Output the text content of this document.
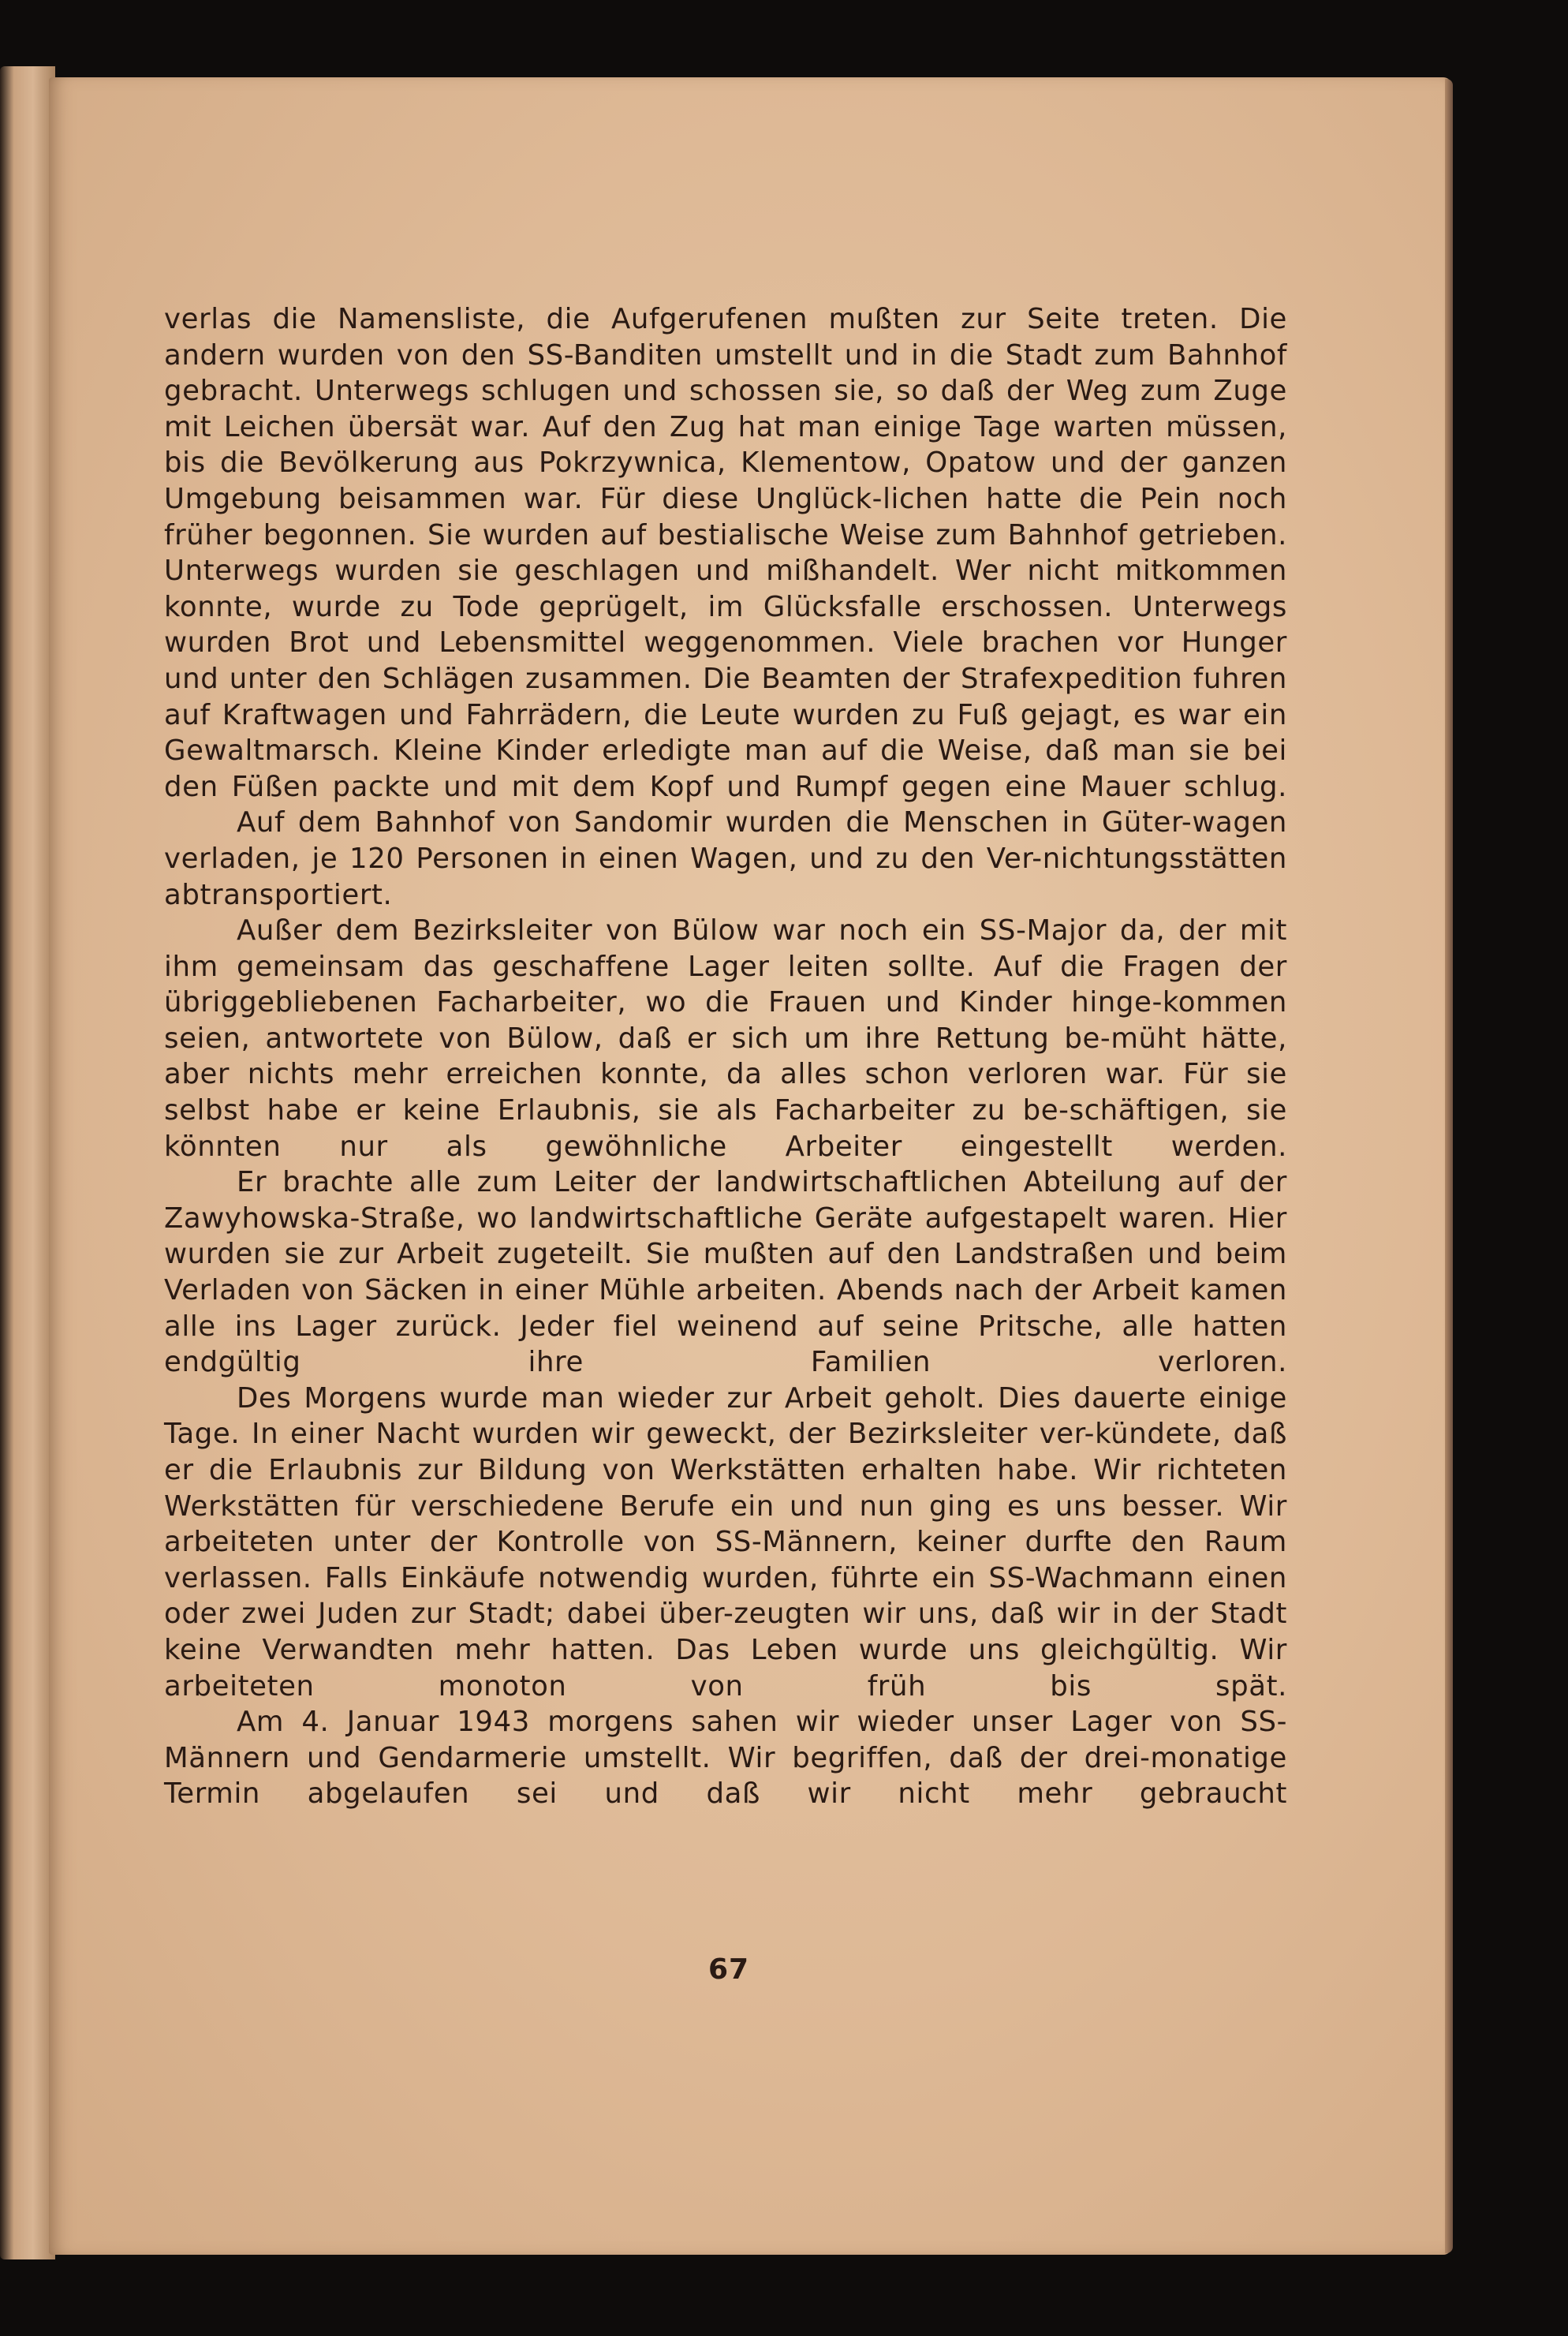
verlas die Namensliste, die Aufgerufenen mußten zur Seite treten. Die andern wurden von den SS-Banditen umstellt und in die Stadt zum Bahnhof gebracht. Unterwegs schlugen und schossen sie, so daß der Weg zum Zuge mit Leichen übersät war. Auf den Zug hat man einige Tage warten müssen, bis die Bevölkerung aus Pokrzywnica, Klementow, Opatow und der ganzen Umgebung beisammen war. Für diese Unglück-lichen hatte die Pein noch früher begonnen. Sie wurden auf bestialische Weise zum Bahnhof getrieben. Unterwegs wurden sie geschlagen und mißhandelt. Wer nicht mitkommen konnte, wurde zu Tode geprügelt, im Glücksfalle erschossen. Unterwegs wurden Brot und Lebensmittel weggenommen. Viele brachen vor Hunger und unter den Schlägen zusammen. Die Beamten der Strafexpedition fuhren auf Kraftwagen und Fahrrädern, die Leute wurden zu Fuß gejagt, es war ein Gewaltmarsch. Kleine Kinder erledigte man auf die Weise, daß man sie bei den Füßen packte und mit dem Kopf und Rumpf gegen eine Mauer schlug.

Auf dem Bahnhof von Sandomir wurden die Menschen in Güter-wagen verladen, je 120 Personen in einen Wagen, und zu den Ver-nichtungsstätten abtransportiert.

Außer dem Bezirksleiter von Bülow war noch ein SS-Major da, der mit ihm gemeinsam das geschaffene Lager leiten sollte. Auf die Fragen der übriggebliebenen Facharbeiter, wo die Frauen und Kinder hinge-kommen seien, antwortete von Bülow, daß er sich um ihre Rettung be-müht hätte, aber nichts mehr erreichen konnte, da alles schon verloren war. Für sie selbst habe er keine Erlaubnis, sie als Facharbeiter zu be-schäftigen, sie könnten nur als gewöhnliche Arbeiter eingestellt werden.

Er brachte alle zum Leiter der landwirtschaftlichen Abteilung auf der Zawyhowska-Straße, wo landwirtschaftliche Geräte aufgestapelt waren. Hier wurden sie zur Arbeit zugeteilt. Sie mußten auf den Landstraßen und beim Verladen von Säcken in einer Mühle arbeiten. Abends nach der Arbeit kamen alle ins Lager zurück. Jeder fiel weinend auf seine Pritsche, alle hatten endgültig ihre Familien verloren.

Des Morgens wurde man wieder zur Arbeit geholt. Dies dauerte einige Tage. In einer Nacht wurden wir geweckt, der Bezirksleiter ver-kündete, daß er die Erlaubnis zur Bildung von Werkstätten erhalten habe. Wir richteten Werkstätten für verschiedene Berufe ein und nun ging es uns besser. Wir arbeiteten unter der Kontrolle von SS-Männern, keiner durfte den Raum verlassen. Falls Einkäufe notwendig wurden, führte ein SS-Wachmann einen oder zwei Juden zur Stadt; dabei über-zeugten wir uns, daß wir in der Stadt keine Verwandten mehr hatten. Das Leben wurde uns gleichgültig. Wir arbeiteten monoton von früh bis spät.

Am 4. Januar 1943 morgens sahen wir wieder unser Lager von SS-Männern und Gendarmerie umstellt. Wir begriffen, daß der drei-monatige Termin abgelaufen sei und daß wir nicht mehr gebraucht

67
